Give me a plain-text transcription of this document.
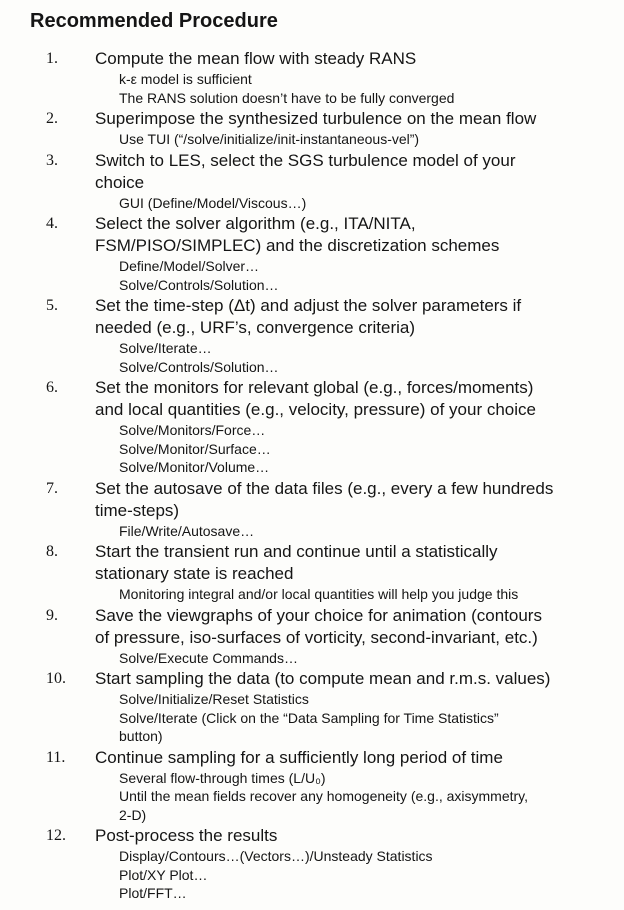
Recommended Procedure
1.	Compute the mean flow with steady RANS
k-ε model is sufficient
The RANS solution doesn’t have to be fully converged
2.	Superimpose the synthesized turbulence on the mean flow
Use TUI (“/solve/initialize/init-instantaneous-vel”)
3.	Switch to LES, select the SGS turbulence model of your
choice
GUI (Define/Model/Viscous…)
4.	Select the solver algorithm (e.g., ITA/NITA,
FSM/PISO/SIMPLEC) and the discretization schemes
Define/Model/Solver…
Solve/Controls/Solution…
5.	Set the time-step (Δt) and adjust the solver parameters if
needed (e.g., URF’s, convergence criteria)
Solve/Iterate…
Solve/Controls/Solution…
6.	Set the monitors for relevant global (e.g., forces/moments)
and local quantities (e.g., velocity, pressure) of your choice
Solve/Monitors/Force…
Solve/Monitor/Surface…
Solve/Monitor/Volume…
7.	Set the autosave of the data files (e.g., every a few hundreds
time-steps)
File/Write/Autosave…
8.	Start the transient run and continue until a statistically
stationary state is reached
Monitoring integral and/or local quantities will help you judge this
9.	Save the viewgraphs of your choice for animation (contours
of pressure, iso-surfaces of vorticity, second-invariant, etc.)
Solve/Execute Commands…
10.	Start sampling the data (to compute mean and r.m.s. values)
Solve/Initialize/Reset Statistics
Solve/Iterate (Click on the “Data Sampling for Time Statistics”
button)
11.	Continue sampling for a sufficiently long period of time
Several flow-through times (L/U₀)
Until the mean fields recover any homogeneity (e.g., axisymmetry,
2-D)
12.	Post-process the results
Display/Contours…(Vectors…)/Unsteady Statistics
Plot/XY Plot…
Plot/FFT…
